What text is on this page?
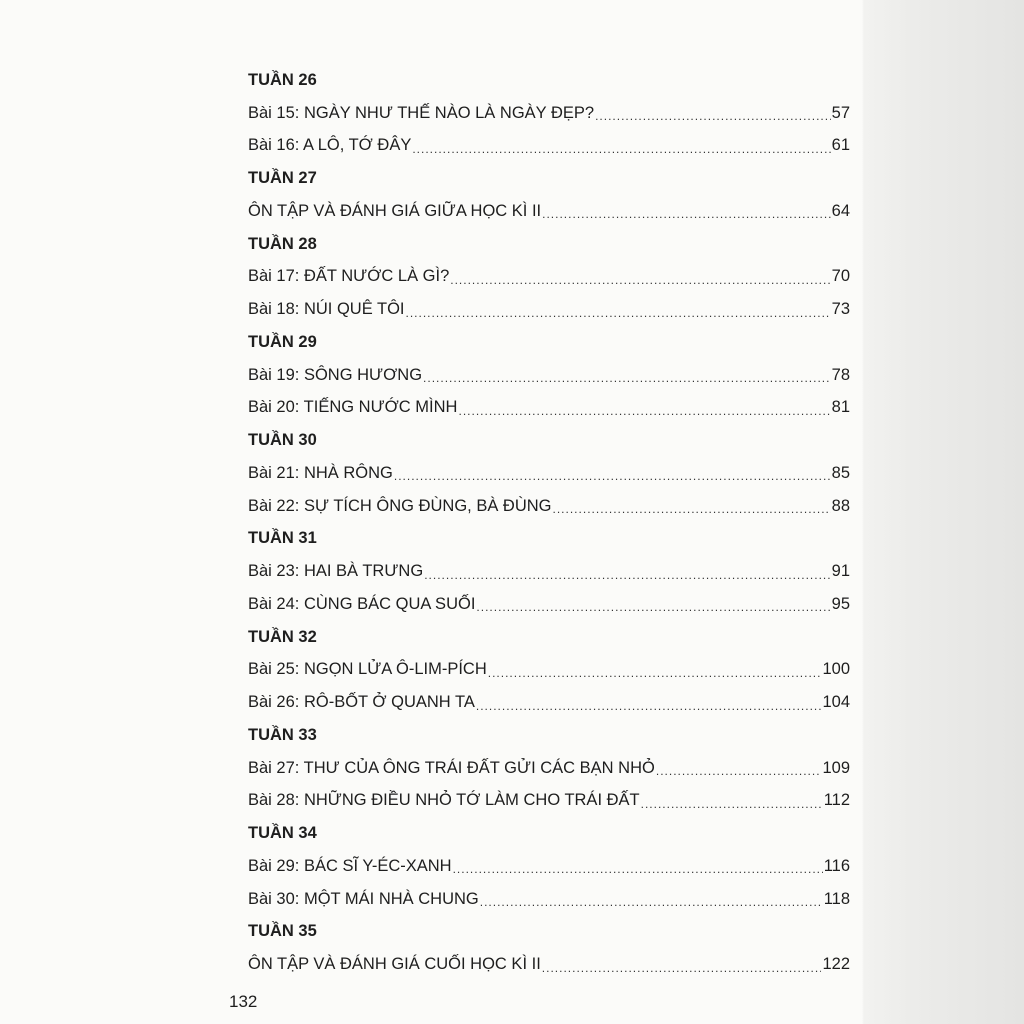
TUẦN 26
Bài 15: NGÀY NHƯ THẾ NÀO LÀ NGÀY ĐẸP? .....	57
Bài 16: A LÔ, TỚ ĐÂY .....	61
TUẦN 27
ÔN TẬP VÀ ĐÁNH GIÁ GIỮA HỌC KÌ II .....	64
TUẦN 28
Bài 17: ĐẤT NƯỚC LÀ GÌ? .....	70
Bài 18: NÚI QUÊ TÔI .....	73
TUẦN 29
Bài 19: SÔNG HƯƠNG .....	78
Bài 20: TIẾNG NƯỚC MÌNH .....	81
TUẦN 30
Bài 21: NHÀ RÔNG .....	85
Bài 22: SỰ TÍCH ÔNG ĐÙNG, BÀ ĐÙNG .....	88
TUẦN 31
Bài 23: HAI BÀ TRƯNG .....	91
Bài 24: CÙNG BÁC QUA SUỐI .....	95
TUẦN 32
Bài 25: NGỌN LỬA Ô-LIM-PÍCH .....	100
Bài 26: RÔ-BỐT Ở QUANH TA .....	104
TUẦN 33
Bài 27: THƯ CỦA ÔNG TRÁI ĐẤT GỬI CÁC BẠN NHỎ .....	109
Bài 28: NHỮNG ĐIỀU NHỎ TỚ LÀM CHO TRÁI ĐẤT .....	112
TUẦN 34
Bài 29: BÁC SĨ Y-ÉC-XANH .....	116
Bài 30: MỘT MÁI NHÀ CHUNG .....	118
TUẦN 35
ÔN TẬP VÀ ĐÁNH GIÁ CUỐI HỌC KÌ II .....	122
132
